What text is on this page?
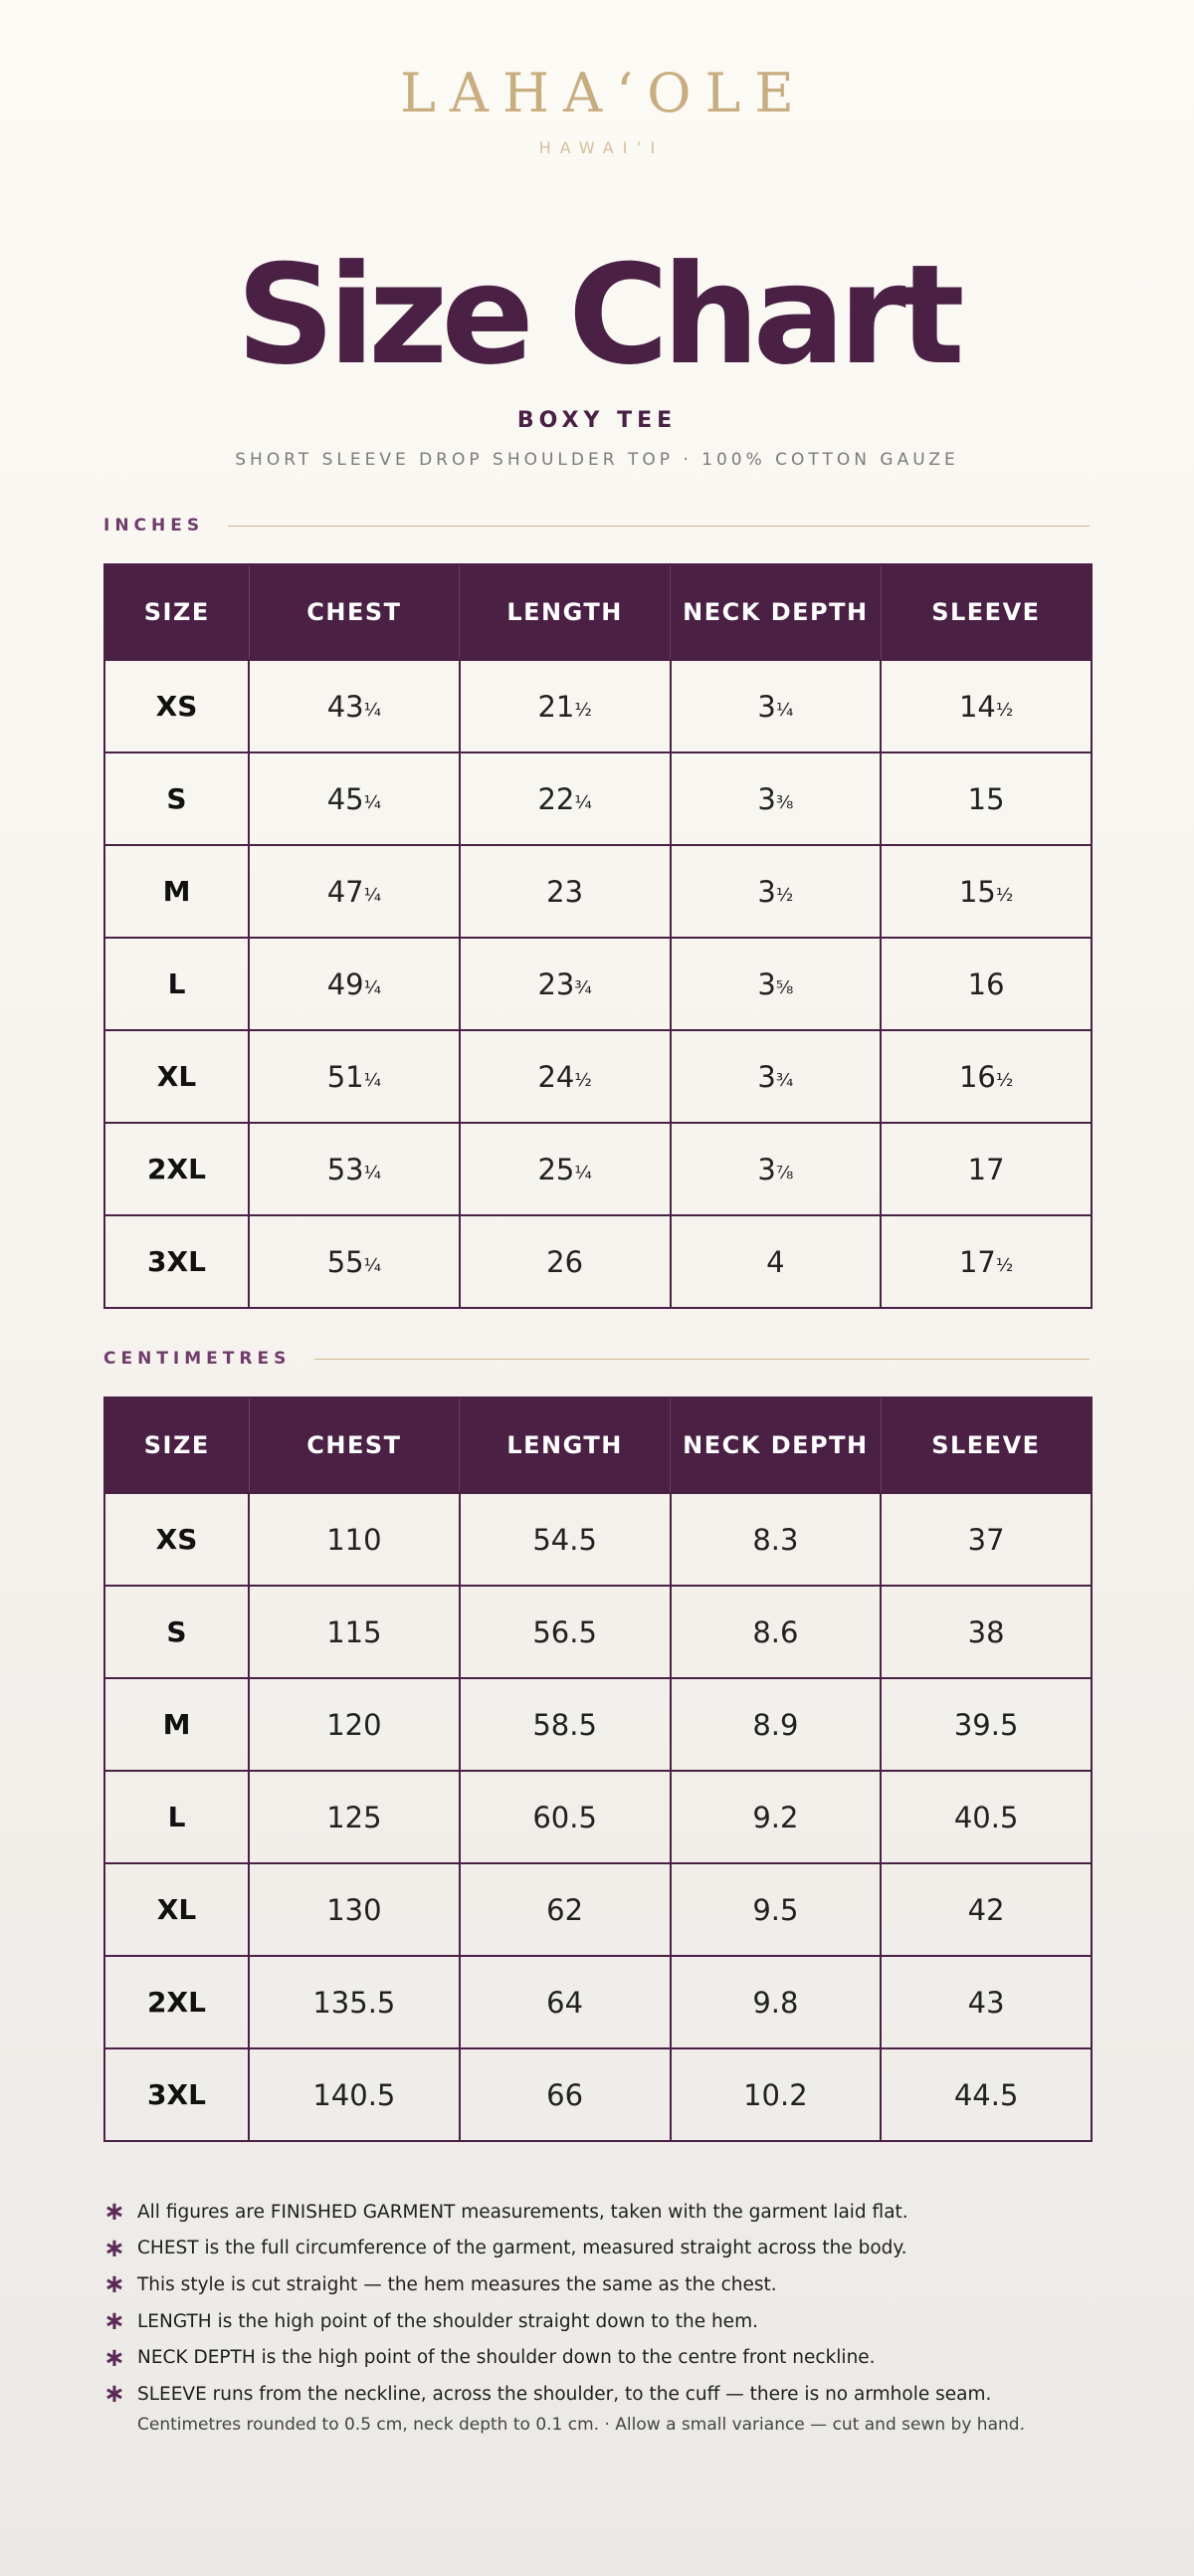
LAHAʻOLE
HAWAIʻI
Size Chart
BOXY TEE
SHORT SLEEVE DROP SHOULDER TOP · 100% COTTON GAUZE
INCHES
SIZE	CHEST	LENGTH	NECK DEPTH	SLEEVE
XS	43¼	21½	3¼	14½
S	45¼	22¼	3⅜	15
M	47¼	23	3½	15½
L	49¼	23¾	3⅝	16
XL	51¼	24½	3¾	16½
2XL	53¼	25¼	3⅞	17
3XL	55¼	26	4	17½
CENTIMETRES
SIZE	CHEST	LENGTH	NECK DEPTH	SLEEVE
XS	110	54.5	8.3	37
S	115	56.5	8.6	38
M	120	58.5	8.9	39.5
L	125	60.5	9.2	40.5
XL	130	62	9.5	42
2XL	135.5	64	9.8	43
3XL	140.5	66	10.2	44.5
∗ All figures are FINISHED GARMENT measurements, taken with the garment laid flat.
∗ CHEST is the full circumference of the garment, measured straight across the body.
∗ This style is cut straight — the hem measures the same as the chest.
∗ LENGTH is the high point of the shoulder straight down to the hem.
∗ NECK DEPTH is the high point of the shoulder down to the centre front neckline.
∗ SLEEVE runs from the neckline, across the shoulder, to the cuff — there is no armhole seam.
Centimetres rounded to 0.5 cm, neck depth to 0.1 cm. · Allow a small variance — cut and sewn by hand.
